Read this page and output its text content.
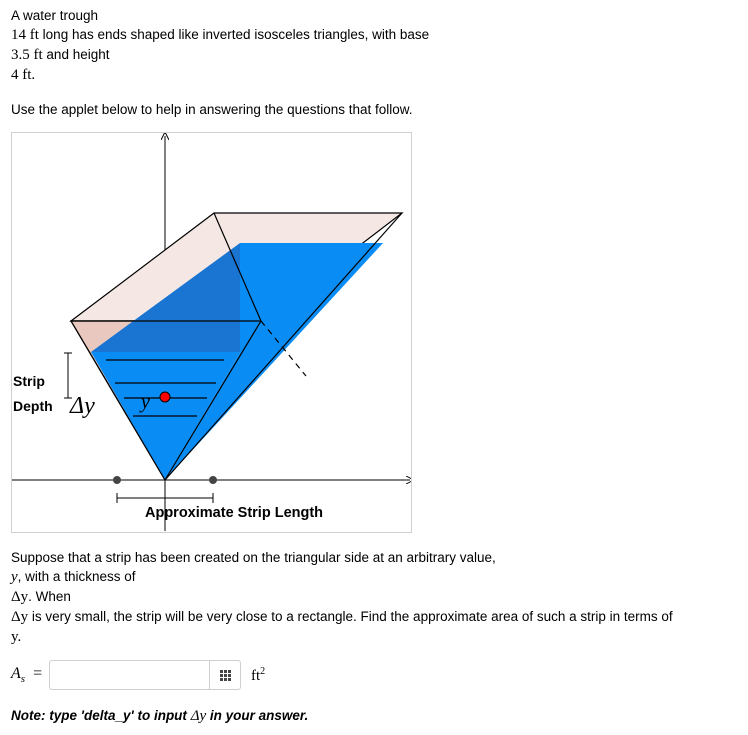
A water trough
14 ft long has ends shaped like inverted isosceles triangles, with base
3.5 ft and height
4 ft.
Use the applet below to help in answering the questions that follow.
Strip
Depth Δy y
Approximate Strip Length
Suppose that a strip has been created on the triangular side at an arbitrary value,
y, with a thickness of
Δy. When
Δy is very small, the strip will be very close to a rectangle. Find the approximate area of such a strip in terms of
y.
$A_s$ =	$ft^2$
Note: type 'delta_y' to input Δy in your answer.
